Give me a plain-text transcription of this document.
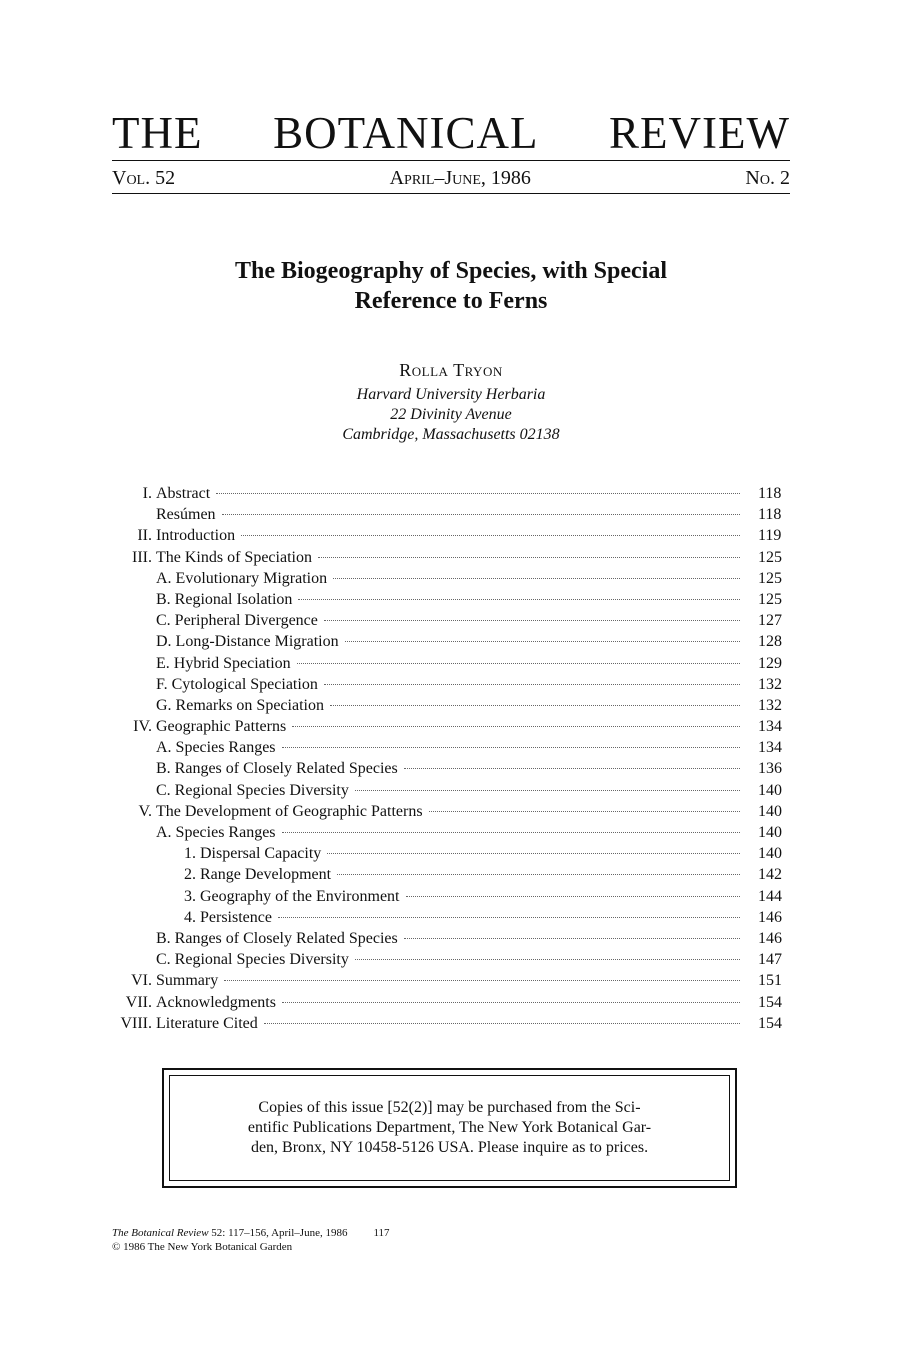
THE BOTANICAL REVIEW
Vol. 52	April–June, 1986	No. 2
The Biogeography of Species, with Special
Reference to Ferns
Rolla Tryon
Harvard University Herbaria
22 Divinity Avenue
Cambridge, Massachusetts 02138
I. Abstract	118
Resúmen	118
II. Introduction	119
III. The Kinds of Speciation	125
A. Evolutionary Migration	125
B. Regional Isolation	125
C. Peripheral Divergence	127
D. Long-Distance Migration	128
E. Hybrid Speciation	129
F. Cytological Speciation	132
G. Remarks on Speciation	132
IV. Geographic Patterns	134
A. Species Ranges	134
B. Ranges of Closely Related Species	136
C. Regional Species Diversity	140
V. The Development of Geographic Patterns	140
A. Species Ranges	140
1. Dispersal Capacity	140
2. Range Development	142
3. Geography of the Environment	144
4. Persistence	146
B. Ranges of Closely Related Species	146
C. Regional Species Diversity	147
VI. Summary	151
VII. Acknowledgments	154
VIII. Literature Cited	154
Copies of this issue [52(2)] may be purchased from the Sci-
entific Publications Department, The New York Botanical Gar-
den, Bronx, NY 10458-5126 USA. Please inquire as to prices.
The Botanical Review 52: 117–156, April–June, 1986 117
© 1986 The New York Botanical Garden
